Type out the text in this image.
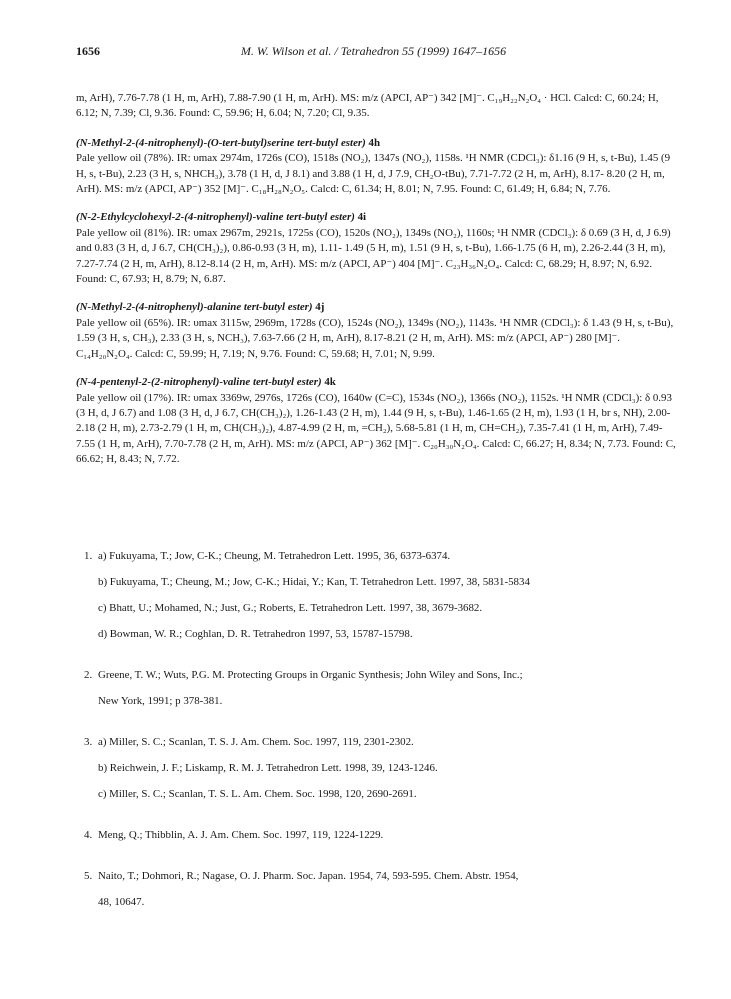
1656	M. W. Wilson et al. / Tetrahedron 55 (1999) 1647–1656

m, ArH), 7.76-7.78 (1 H, m, ArH), 7.88-7.90 (1 H, m, ArH). MS: m/z (APCI, AP⁻) 342 [M]⁻. C₁₉H₂₂N₂O₄ · HCl. Calcd: C, 60.24; H, 6.12; N, 7.39; Cl, 9.36. Found: C, 59.96; H, 6.04; N, 7.20; Cl, 9.35.

(N-Methyl-2-(4-nitrophenyl)-(O-tert-butyl)serine tert-butyl ester) 4h
Pale yellow oil (78%). IR: υmax 2974m, 1726s (CO), 1518s (NO₂), 1347s (NO₂), 1158s. ¹H NMR (CDCl₃): δ1.16 (9 H, s, t-Bu), 1.45 (9 H, s, t-Bu), 2.23 (3 H, s, NHCH₃), 3.78 (1 H, d, J 8.1) and 3.88 (1 H, d, J 7.9, CH₂O-tBu), 7.71-7.72 (2 H, m, ArH), 8.17- 8.20 (2 H, m, ArH). MS: m/z (APCI, AP⁻) 352 [M]⁻. C₁₈H₂₈N₂O₅. Calcd: C, 61.34; H, 8.01; N, 7.95. Found: C, 61.49; H, 6.84; N, 7.76.
(N-2-Ethylcyclohexyl-2-(4-nitrophenyl)-valine tert-butyl ester) 4i
Pale yellow oil (81%). IR: υmax 2967m, 2921s, 1725s (CO), 1520s (NO₂), 1349s (NO₂), 1160s; ¹H NMR (CDCl₃): δ 0.69 (3 H, d, J 6.9) and 0.83 (3 H, d, J 6.7, CH(CH₃)₂), 0.86-0.93 (3 H, m), 1.11- 1.49 (5 H, m), 1.51 (9 H, s, t-Bu), 1.66-1.75 (6 H, m), 2.26-2.44 (3 H, m), 7.27-7.74 (2 H, m, ArH), 8.12-8.14 (2 H, m, ArH). MS: m/z (APCI, AP⁻) 404 [M]⁻. C₂₃H₃₆N₂O₄. Calcd: C, 68.29; H, 8.97; N, 6.92. Found: C, 67.93; H, 8.79; N, 6.87.
(N-Methyl-2-(4-nitrophenyl)-alanine tert-butyl ester) 4j
Pale yellow oil (65%). IR: υmax 3115w, 2969m, 1728s (CO), 1524s (NO₂), 1349s (NO₂), 1143s. ¹H NMR (CDCl₃): δ 1.43 (9 H, s, t-Bu), 1.59 (3 H, s, CH₃), 2.33 (3 H, s, NCH₃), 7.63-7.66 (2 H, m, ArH), 8.17-8.21 (2 H, m, ArH). MS: m/z (APCI, AP⁻) 280 [M]⁻. C₁₄H₂₀N₂O₄. Calcd: C, 59.99; H, 7.19; N, 9.76. Found: C, 59.68; H, 7.01; N, 9.99.
(N-4-pentenyl-2-(2-nitrophenyl)-valine tert-butyl ester) 4k
Pale yellow oil (17%). IR: υmax 3369w, 2976s, 1726s (CO), 1640w (C=C), 1534s (NO₂), 1366s (NO₂), 1152s. ¹H NMR (CDCl₃): δ 0.93 (3 H, d, J 6.7) and 1.08 (3 H, d, J 6.7, CH(CH₃)₂), 1.26-1.43 (2 H, m), 1.44 (9 H, s, t-Bu), 1.46-1.65 (2 H, m), 1.93 (1 H, br s, NH), 2.00- 2.18 (2 H, m), 2.73-2.79 (1 H, m, CH(CH₃)₂), 4.87-4.99 (2 H, m, =CH₂), 5.68-5.81 (1 H, m, CH=CH₂), 7.35-7.41 (1 H, m, ArH), 7.49-7.55 (1 H, m, ArH), 7.70-7.78 (2 H, m, ArH). MS: m/z (APCI, AP⁻) 362 [M]⁻. C₂₀H₃₀N₂O₄. Calcd: C, 66.27; H, 8.34; N, 7.73. Found: C, 66.62; H, 8.43; N, 7.72.
1. a) Fukuyama, T.; Jow, C-K.; Cheung, M. Tetrahedron Lett. 1995, 36, 6373-6374.
b) Fukuyama, T.; Cheung, M.; Jow, C-K.; Hidai, Y.; Kan, T. Tetrahedron Lett. 1997, 38, 5831-5834
c) Bhatt, U.; Mohamed, N.; Just, G.; Roberts, E. Tetrahedron Lett. 1997, 38, 3679-3682.
d) Bowman, W. R.; Coghlan, D. R. Tetrahedron 1997, 53, 15787-15798.
2. Greene, T. W.; Wuts, P.G. M. Protecting Groups in Organic Synthesis; John Wiley and Sons, Inc.;
New York, 1991; p 378-381.
3. a) Miller, S. C.; Scanlan, T. S. J. Am. Chem. Soc. 1997, 119, 2301-2302.
b) Reichwein, J. F.; Liskamp, R. M. J. Tetrahedron Lett. 1998, 39, 1243-1246.
c) Miller, S. C.; Scanlan, T. S. L. Am. Chem. Soc. 1998, 120, 2690-2691.
4. Meng, Q.; Thibblin, A. J. Am. Chem. Soc. 1997, 119, 1224-1229.
5. Naito, T.; Dohmori, R.; Nagase, O. J. Pharm. Soc. Japan. 1954, 74, 593-595. Chem. Abstr. 1954,
48, 10647.
